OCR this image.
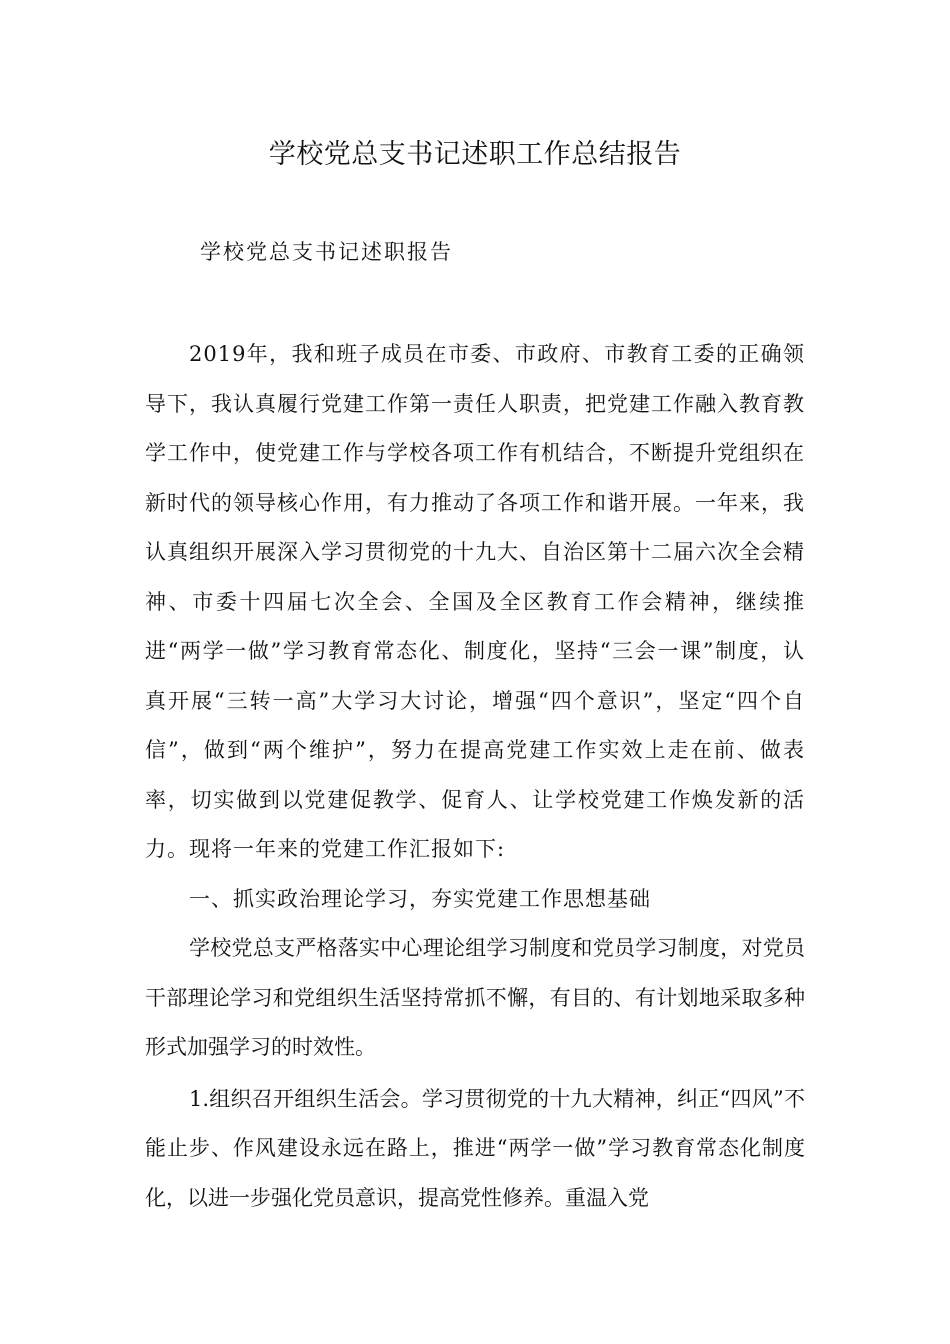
学校党总支书记述职工作总结报告
学校党总支书记述职报告

2019年，我和班子成员在市委、市政府、市教育工委的正确领导下，我认真履行党建工作第一责任人职责，把党建工作融入教育教学工作中，使党建工作与学校各项工作有机结合，不断提升党组织在新时代的领导核心作用，有力推动了各项工作和谐开展。一年来，我认真组织开展深入学习贯彻党的十九大、自治区第十二届六次全会精神、市委十四届七次全会、全国及全区教育工作会精神，继续推进“两学一做”学习教育常态化、制度化，坚持“三会一课”制度，认真开展“三转一高”大学习大讨论，增强“四个意识”，坚定“四个自信”，做到“两个维护”，努力在提高党建工作实效上走在前、做表率，切实做到以党建促教学、促育人、让学校党建工作焕发新的活力。现将一年来的党建工作汇报如下:

一、抓实政治理论学习，夯实党建工作思想基础

学校党总支严格落实中心理论组学习制度和党员学习制度，对党员干部理论学习和党组织生活坚持常抓不懈，有目的、有计划地采取多种形式加强学习的时效性。

1.组织召开组织生活会。学习贯彻党的十九大精神，纠正“四风”不能止步、作风建设永远在路上，推进“两学一做”学习教育常态化制度化，以进一步强化党员意识，提高党性修养。重温入党
